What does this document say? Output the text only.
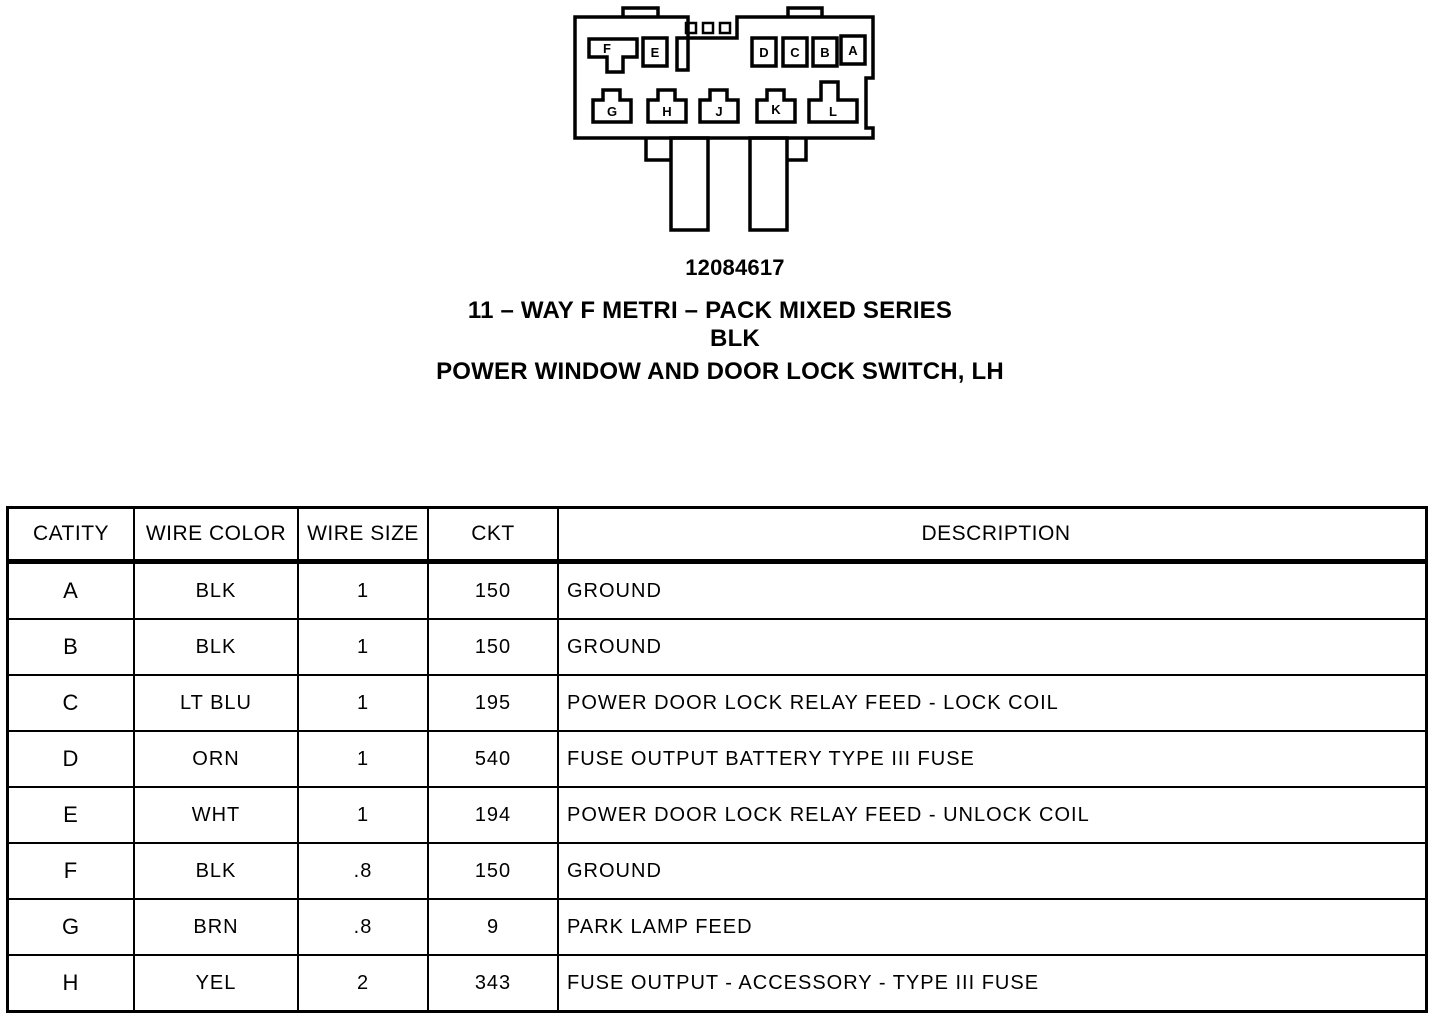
F	E	D C B A
G	H	J	K	L
12084617
11 – WAY F METRI – PACK MIXED SERIES
BLK
POWER WINDOW AND DOOR LOCK SWITCH, LH
CATITY	WIRE COLOR	WIRE SIZE	CKT	DESCRIPTION
A	BLK	1	150	GROUND
B	BLK	1	150	GROUND
C	LT BLU	1	195	POWER DOOR LOCK RELAY FEED - LOCK COIL
D	ORN	1	540	FUSE OUTPUT BATTERY TYPE III FUSE
E	WHT	1	194	POWER DOOR LOCK RELAY FEED - UNLOCK COIL
F	BLK	.8	150	GROUND
G	BRN	.8	9	PARK LAMP FEED
H	YEL	2	343	FUSE OUTPUT - ACCESSORY - TYPE III FUSE
